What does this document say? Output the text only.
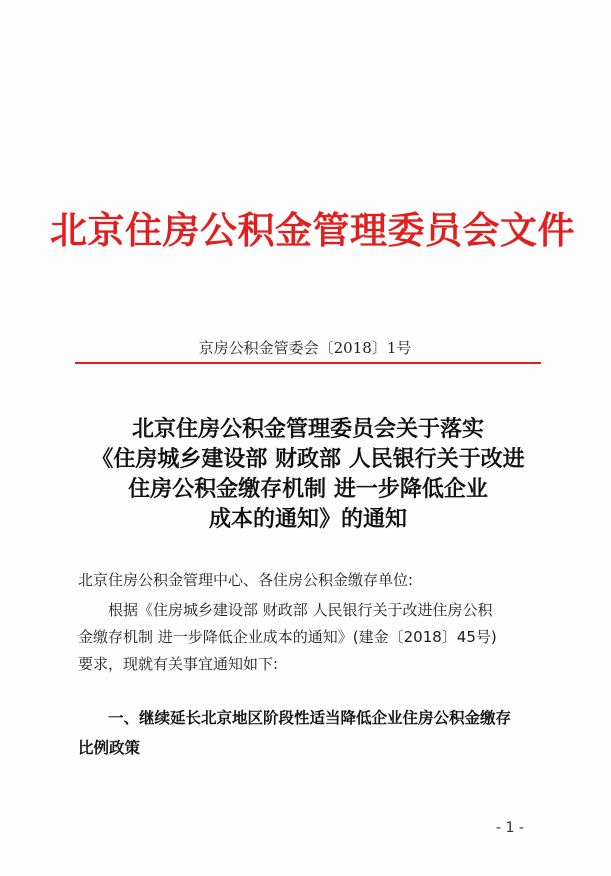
北京住房公积金管理委员会文件
京房公积金管委会〔2018〕1号
北京住房公积金管理委员会关于落实
《住房城乡建设部 财政部 人民银行关于改进
住房公积金缴存机制 进一步降低企业
成本的通知》的通知
北京住房公积金管理中心、各住房公积金缴存单位:
根据《住房城乡建设部 财政部 人民银行关于改进住房公积
金缴存机制 进一步降低企业成本的通知》(建金〔2018〕45号)
要求，现就有关事宜通知如下:
一、继续延长北京地区阶段性适当降低企业住房公积金缴存
比例政策
- 1 -
